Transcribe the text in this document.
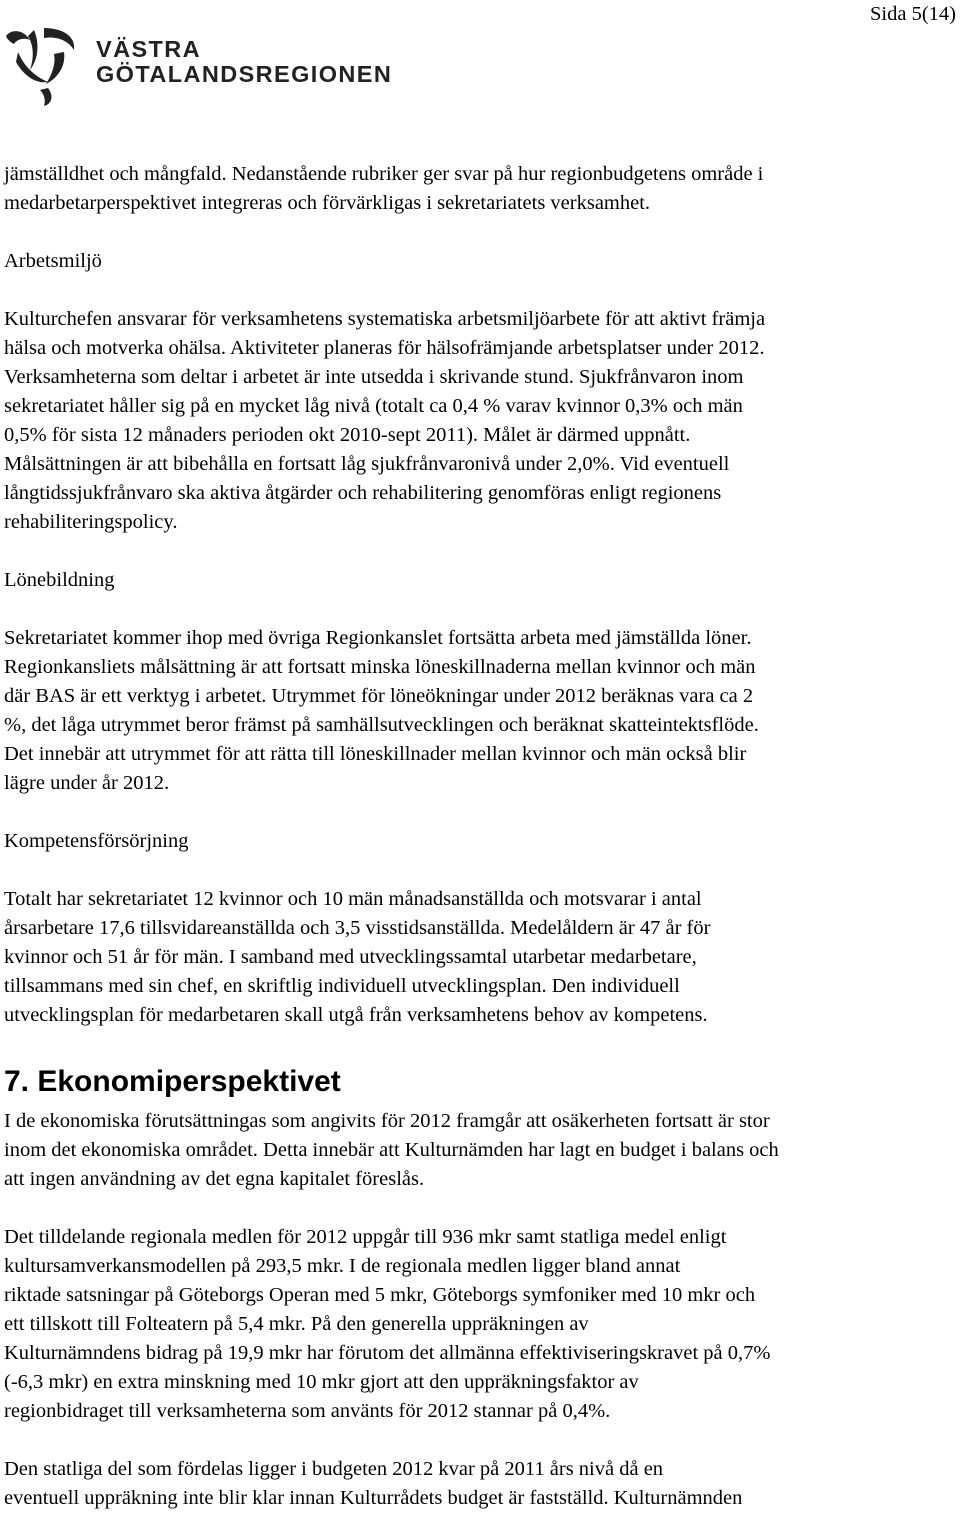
Sida 5(14)
VÄSTRA
GÖTALANDSREGIONEN
jämställdhet och mångfald. Nedanstående rubriker ger svar på hur regionbudgetens område i
medarbetarperspektivet integreras och förvärkligas i sekretariatets verksamhet.
Arbetsmiljö
Kulturchefen ansvarar för verksamhetens systematiska arbetsmiljöarbete för att aktivt främja
hälsa och motverka ohälsa. Aktiviteter planeras för hälsofrämjande arbetsplatser under 2012.
Verksamheterna som deltar i arbetet är inte utsedda i skrivande stund. Sjukfrånvaron inom
sekretariatet håller sig på en mycket låg nivå (totalt ca 0,4 % varav kvinnor 0,3% och män
0,5% för sista 12 månaders perioden okt 2010-sept 2011). Målet är därmed uppnått.
Målsättningen är att bibehålla en fortsatt låg sjukfrånvaronivå under 2,0%. Vid eventuell
långtidssjukfrånvaro ska aktiva åtgärder och rehabilitering genomföras enligt regionens
rehabiliteringspolicy.
Lönebildning
Sekretariatet kommer ihop med övriga Regionkanslet fortsätta arbeta med jämställda löner.
Regionkansliets målsättning är att fortsatt minska löneskillnaderna mellan kvinnor och män
där BAS är ett verktyg i arbetet. Utrymmet för löneökningar under 2012 beräknas vara ca 2
%, det låga utrymmet beror främst på samhällsutvecklingen och beräknat skatteintektsflöde.
Det innebär att utrymmet för att rätta till löneskillnader mellan kvinnor och män också blir
lägre under år 2012.
Kompetensförsörjning
Totalt har sekretariatet 12 kvinnor och 10 män månadsanställda och motsvarar i antal
årsarbetare 17,6 tillsvidareanställda och 3,5 visstidsanställda. Medelåldern är 47 år för
kvinnor och 51 år för män. I samband med utvecklingssamtal utarbetar medarbetare,
tillsammans med sin chef, en skriftlig individuell utvecklingsplan. Den individuell
utvecklingsplan för medarbetaren skall utgå från verksamhetens behov av kompetens.
7. Ekonomiperspektivet
I de ekonomiska förutsättningas som angivits för 2012 framgår att osäkerheten fortsatt är stor
inom det ekonomiska området. Detta innebär att Kulturnämden har lagt en budget i balans och
att ingen användning av det egna kapitalet föreslås.
Det tilldelande regionala medlen för 2012 uppgår till 936 mkr samt statliga medel enligt
kultursamverkansmodellen på 293,5 mkr. I de regionala medlen ligger bland annat
riktade satsningar på Göteborgs Operan med 5 mkr, Göteborgs symfoniker med 10 mkr och
ett tillskott till Folteatern på 5,4 mkr. På den generella uppräkningen av
Kulturnämndens bidrag på 19,9 mkr har förutom det allmänna effektiviseringskravet på 0,7%
(-6,3 mkr) en extra minskning med 10 mkr gjort att den uppräkningsfaktor av
regionbidraget till verksamheterna som använts för 2012 stannar på 0,4%.
Den statliga del som fördelas ligger i budgeten 2012 kvar på 2011 års nivå då en
eventuell uppräkning inte blir klar innan Kulturrådets budget är fastställd. Kulturnämnden
